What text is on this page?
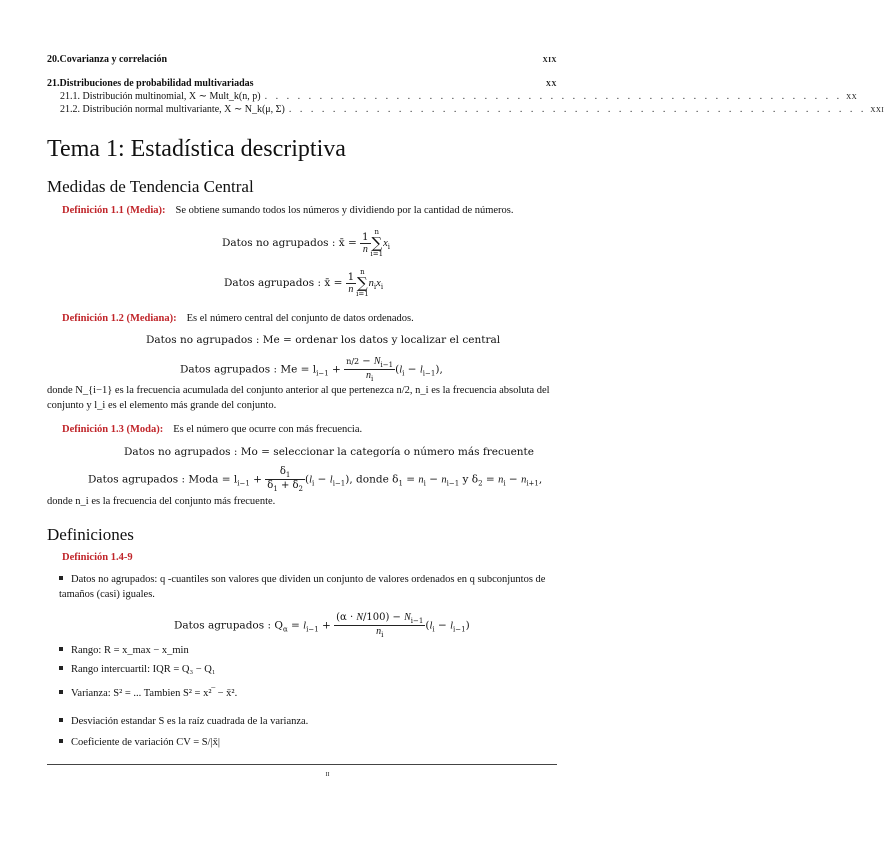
20.Covarianza y correlación	xix
21.Distribuciones de probabilidad multivariadas	xx
21.1. Distribución multinomial, X ∼ Mult_k(n, p) . . . . . . . . . . . . . . . . . . . . . . . . . . . . . . . . . . . . . . . . . . . . . . . . . . . . . xx
21.2. Distribución normal multivariante, X ∼ N_k(μ, Σ) . . . . . . . . . . . . . . . . . . . . . . . . . . . . . . . . . . . . . . . . . . . . . . . . . . . . . xxi
Tema 1: Estadística descriptiva
Medidas de Tendencia Central
Definición 1.1 (Media): Se obtiene sumando todos los números y dividiendo por la cantidad de números.
Datos no agrupados : x̄ = $\frac{1}{n}$ n
∑
$i=1x_i$
Datos agrupados : x̄ = $\frac{1}{n}$ n
∑
$i=1n_ix_i$
Definición 1.2 (Mediana): Es el número central del conjunto de datos ordenados.
Datos no agrupados : Me = ordenar los datos y localizar el central
Datos agrupados : $Me = l_{i-1} + \frac{n/2 - N_{i-1}}{n_i} (l_i - l_{i-1})$,
donde N_{i−1} es la frecuencia acumulada del conjunto anterior al que pertenezca n/2, n_i es la frecuencia absoluta del conjunto y l_i es el elemento más grande del conjunto.
Definición 1.3 (Moda): Es el número que ocurre con más frecuencia.
Datos no agrupados : Mo = seleccionar la categoría o número más frecuente
Datos agrupados : Moda = $l_{i-1} + \frac{\delta_1}{\delta_1 + \delta_2} (l_i - l_{i-1})$, donde $\delta_1 = n_i - n_{i-1}$ y $\delta_2 = n_i - n_{i+1}$,
donde n_i es la frecuencia del conjunto más frecuente.
Definiciones
Definición 1.4-9
Datos no agrupados: q -cuantiles son valores que dividen un conjunto de valores ordenados en q subconjuntos de tamaños (casi) iguales.
Datos agrupados : $Q_\alpha = l_{i-1} + \frac{(\alpha \cdot N/100) - N_{i-1}}{n_i} (l_i - l_{i-1})$
Rango: R = x_max − x_min
Rango intercuartil: IQR = Q₃ − Q₁
Varianza: S² = ... Tambien S² = x²‾ − x̄².
Desviación estandar S es la raíz cuadrada de la varianza.
Coeficiente de variación CV = S/|x̄|
ii
